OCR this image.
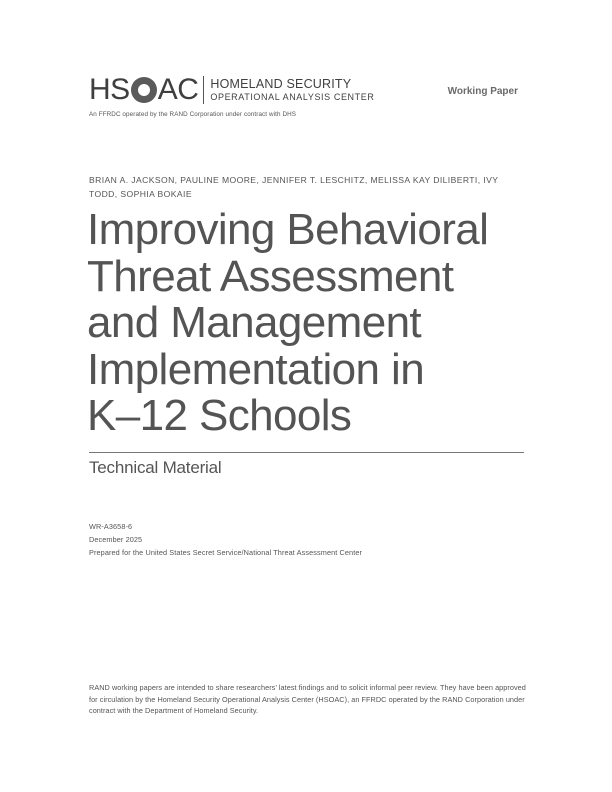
HS AC HOMELAND SECURITY
OPERATIONAL ANALYSIS CENTER
An FFRDC operated by the RAND Corporation under contract with DHS
Working Paper
BRIAN A. JACKSON, PAULINE MOORE, JENNIFER T. LESCHITZ, MELISSA KAY DILIBERTI, IVY TODD, SOPHIA BOKAIE
Improving Behavioral
Threat Assessment
and Management
Implementation in
K–12 Schools
Technical Material
WR-A3658-6
December 2025
Prepared for the United States Secret Service/National Threat Assessment Center
RAND working papers are intended to share researchers’ latest findings and to solicit informal peer review. They have been approved for circulation by the Homeland Security Operational Analysis Center (HSOAC), an FFRDC operated by the RAND Corporation under contract with the Department of Homeland Security.
